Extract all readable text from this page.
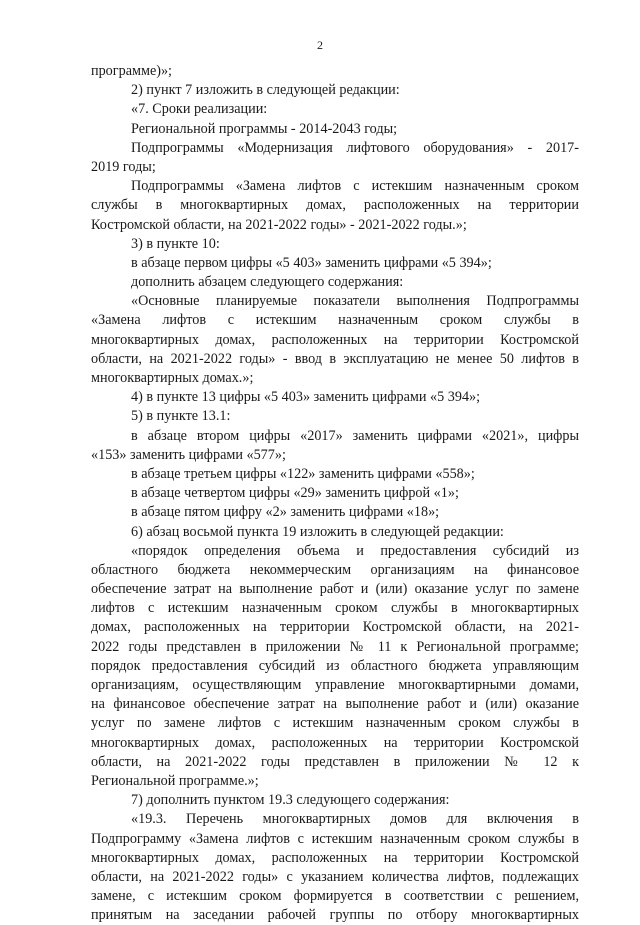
2
программе)»;
2) пункт 7 изложить в следующей редакции:
«7. Сроки реализации:
Региональной программы - 2014-2043 годы;
Подпрограммы «Модернизация лифтового оборудования» - 2017-
2019 годы;
Подпрограммы «Замена лифтов с истекшим назначенным сроком
службы в многоквартирных домах, расположенных на территории
Костромской области, на 2021-2022 годы» - 2021-2022 годы.»;
3) в пункте 10:
в абзаце первом цифры «5 403» заменить цифрами «5 394»;
дополнить абзацем следующего содержания:
«Основные планируемые показатели выполнения Подпрограммы
«Замена лифтов с истекшим назначенным сроком службы в
многоквартирных домах, расположенных на территории Костромской
области, на 2021-2022 годы» - ввод в эксплуатацию не менее 50 лифтов в
многоквартирных домах.»;
4) в пункте 13 цифры «5 403» заменить цифрами «5 394»;
5) в пункте 13.1:
в абзаце втором цифры «2017» заменить цифрами «2021», цифры
«153» заменить цифрами «577»;
в абзаце третьем цифры «122» заменить цифрами «558»;
в абзаце четвертом цифры «29» заменить цифрой «1»;
в абзаце пятом цифру «2» заменить цифрами «18»;
6) абзац восьмой пункта 19 изложить в следующей редакции:
«порядок определения объема и предоставления субсидий из
областного бюджета некоммерческим организациям на финансовое
обеспечение затрат на выполнение работ и (или) оказание услуг по замене
лифтов с истекшим назначенным сроком службы в многоквартирных
домах, расположенных на территории Костромской области, на 2021-
2022 годы представлен в приложении № 11 к Региональной программе;
порядок предоставления субсидий из областного бюджета управляющим
организациям, осуществляющим управление многоквартирными домами,
на финансовое обеспечение затрат на выполнение работ и (или) оказание
услуг по замене лифтов с истекшим назначенным сроком службы в
многоквартирных домах, расположенных на территории Костромской
области, на 2021-2022 годы представлен в приложении № 12 к
Региональной программе.»;
7) дополнить пунктом 19.3 следующего содержания:
«19.3. Перечень многоквартирных домов для включения в
Подпрограмму «Замена лифтов с истекшим назначенным сроком службы в
многоквартирных домах, расположенных на территории Костромской
области, на 2021-2022 годы» с указанием количества лифтов, подлежащих
замене, с истекшим сроком формируется в соответствии с решением,
принятым на заседании рабочей группы по отбору многоквартирных
